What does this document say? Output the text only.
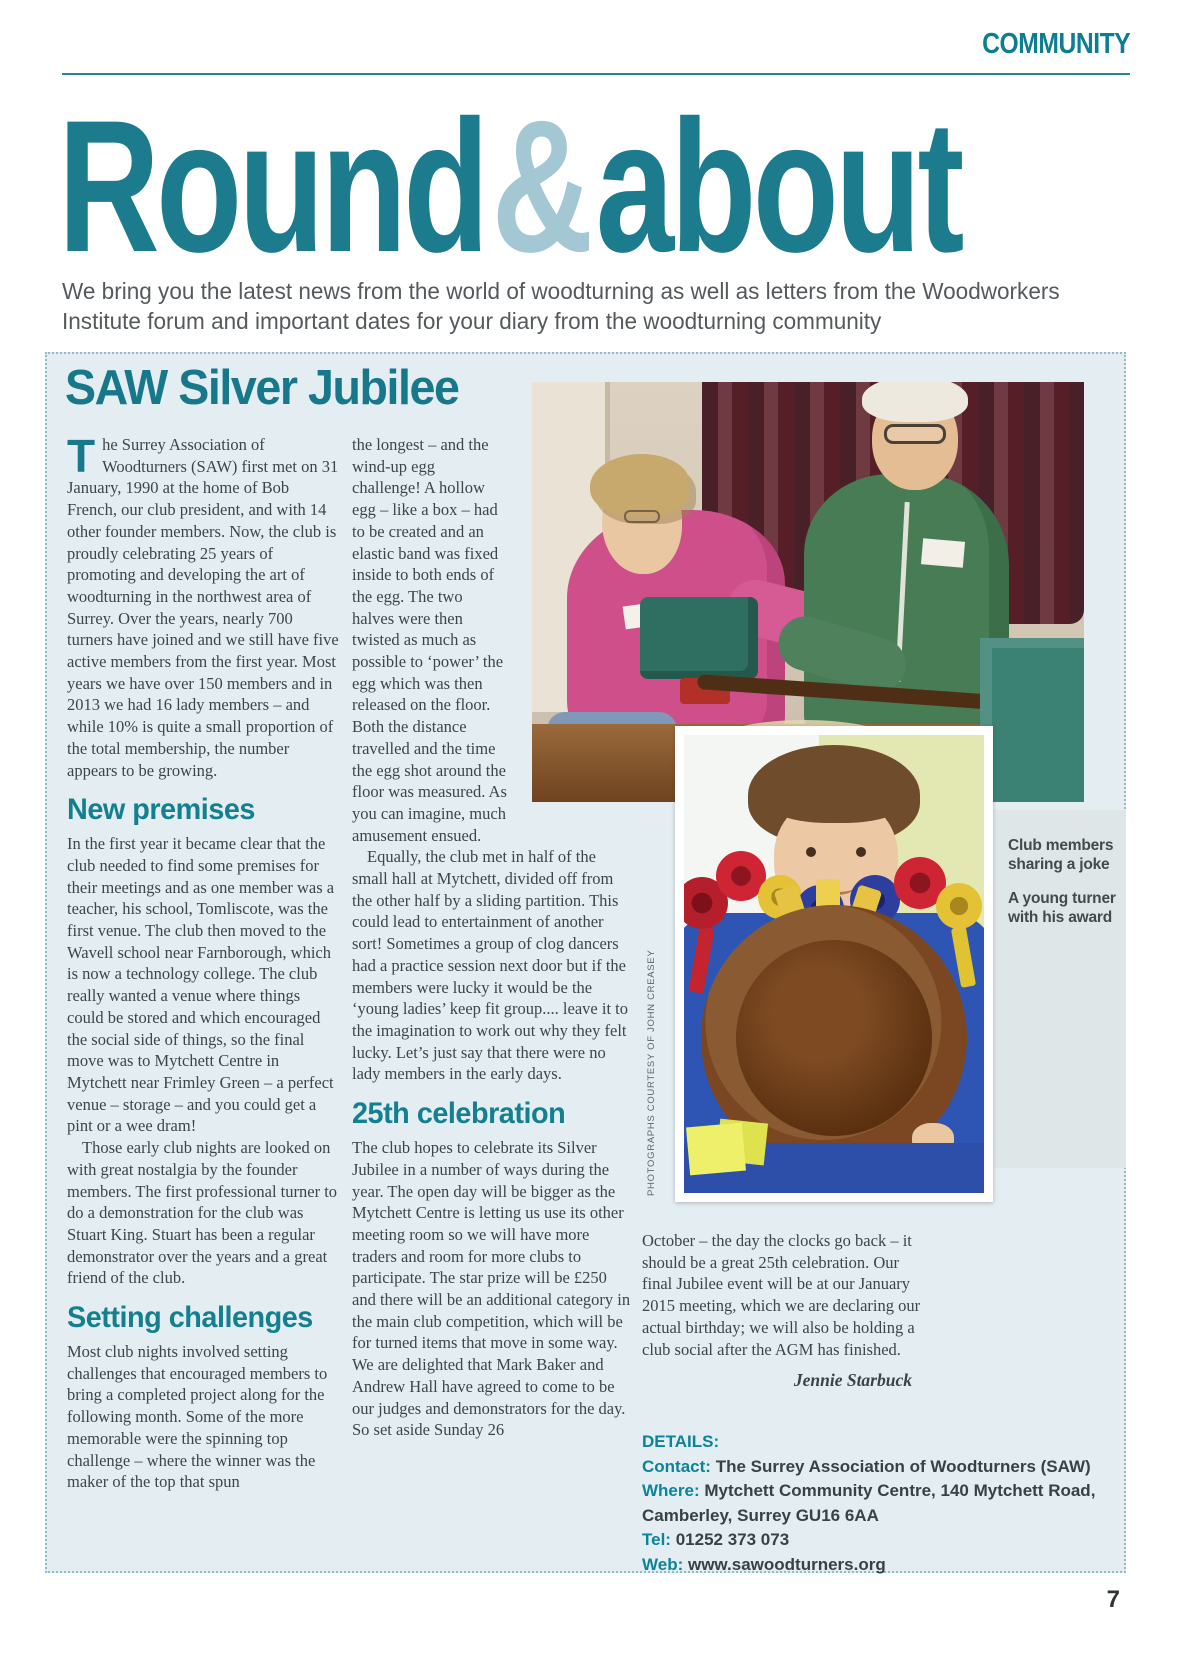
COMMUNITY
Round&about
We bring you the latest news from the world of woodturning as well as letters from the Woodworkers
Institute forum and important dates for your diary from the woodturning community
SAW Silver Jubilee

The Surrey Association of Woodturners (SAW) first met on 31 January, 1990 at the home of Bob French, our club president, and with 14 other founder members. Now, the club is proudly celebrating 25 years of promoting and developing the art of woodturning in the northwest area of Surrey. Over the years, nearly 700 turners have joined and we still have five active members from the first year. Most years we have over 150 members and in 2013 we had 16 lady members – and while 10% is quite a small proportion of the total membership, the number appears to be growing.

New premises

In the first year it became clear that the club needed to find some premises for their meetings and as one member was a teacher, his school, Tomliscote, was the first venue. The club then moved to the Wavell school near Farnborough, which is now a technology college. The club really wanted a venue where things could be stored and which encouraged the social side of things, so the final move was to Mytchett Centre in Mytchett near Frimley Green – a perfect venue – storage – and you could get a pint or a wee dram!

Those early club nights are looked on with great nostalgia by the founder members. The first professional turner to do a demonstration for the club was Stuart King. Stuart has been a regular demonstrator over the years and a great friend of the club.

Setting challenges

Most club nights involved setting challenges that encouraged members to bring a completed project along for the following month. Some of the more memorable were the spinning top challenge – where the winner was the maker of the top that spun

the longest – and the wind-up egg challenge! A hollow egg – like a box – had to be created and an elastic band was fixed inside to both ends of the egg. The two halves were then twisted as much as possible to ‘power’ the egg which was then released on the floor. Both the distance travelled and the time the egg shot around the floor was measured. As you can imagine, much amusement ensued.

Equally, the club met in half of the small hall at Mytchett, divided off from the other half by a sliding partition. This could lead to entertainment of another sort! Sometimes a group of clog dancers had a practice session next door but if the members were lucky it would be the ‘young ladies’ keep fit group.... leave it to the imagination to work out why they felt lucky. Let’s just say that there were no lady members in the early days.

25th celebration

The club hopes to celebrate its Silver Jubilee in a number of ways during the year. The open day will be bigger as the Mytchett Centre is letting us use its other meeting room so we will have more traders and room for more clubs to participate. The star prize will be £250 and there will be an additional category in the main club competition, which will be for turned items that move in some way. We are delighted that Mark Baker and Andrew Hall have agreed to come to be our judges and demonstrators for the day. So set aside Sunday 26

PHOTOGRAPHS COURTESY OF JOHN CREASEY

Club members sharing a joke

A young turner with his award

October – the day the clocks go back – it should be a great 25th celebration. Our final Jubilee event will be at our January 2015 meeting, which we are declaring our actual birthday; we will also be holding a club social after the AGM has finished.

Jennie Starbuck

DETAILS:
Contact: The Surrey Association of Woodturners (SAW)
Where: Mytchett Community Centre, 140 Mytchett Road, Camberley, Surrey GU16 6AA
Tel: 01252 373 073
Web: www.sawoodturners.org
7
